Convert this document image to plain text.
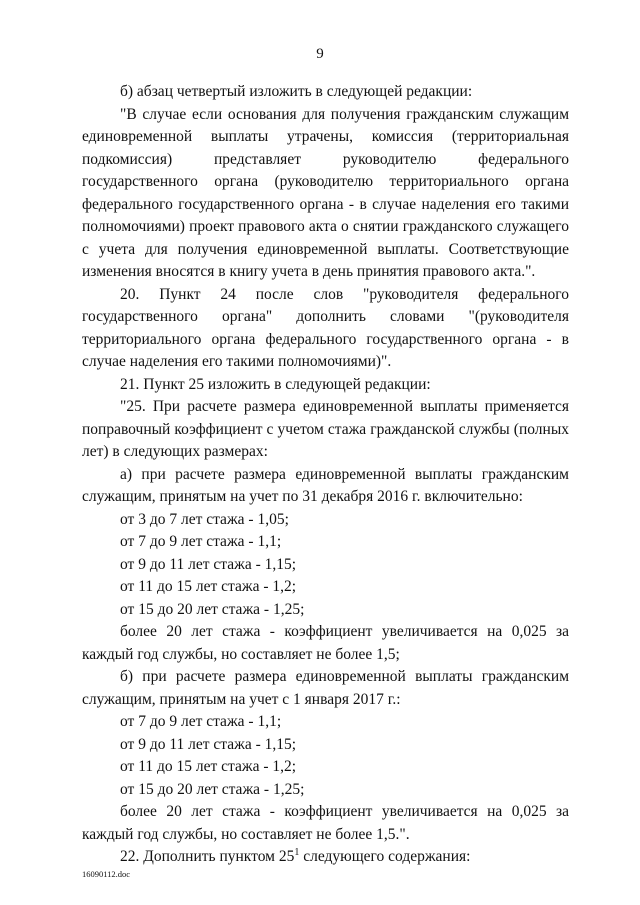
9

б) абзац четвертый изложить в следующей редакции:

"В случае если основания для получения гражданским служащим единовременной выплаты утрачены, комиссия (территориальная подкомиссия) представляет руководителю федерального государственного органа (руководителю территориального органа федерального государственного органа - в случае наделения его такими полномочиями) проект правового акта о снятии гражданского служащего с учета для получения единовременной выплаты. Соответствующие изменения вносятся в книгу учета в день принятия правового акта.".

20. Пункт 24 после слов "руководителя федерального государственного органа" дополнить словами "(руководителя территориального органа федерального государственного органа - в случае наделения его такими полномочиями)".

21. Пункт 25 изложить в следующей редакции:

"25. При расчете размера единовременной выплаты применяется поправочный коэффициент с учетом стажа гражданской службы (полных лет) в следующих размерах:

а) при расчете размера единовременной выплаты гражданским служащим, принятым на учет по 31 декабря 2016 г. включительно:

от 3 до 7 лет стажа - 1,05;

от 7 до 9 лет стажа - 1,1;

от 9 до 11 лет стажа - 1,15;

от 11 до 15 лет стажа - 1,2;

от 15 до 20 лет стажа - 1,25;

более 20 лет стажа - коэффициент увеличивается на 0,025 за каждый год службы, но составляет не более 1,5;

б) при расчете размера единовременной выплаты гражданским служащим, принятым на учет с 1 января 2017 г.:

от 7 до 9 лет стажа - 1,1;

от 9 до 11 лет стажа - 1,15;

от 11 до 15 лет стажа - 1,2;

от 15 до 20 лет стажа - 1,25;

более 20 лет стажа - коэффициент увеличивается на 0,025 за каждый год службы, но составляет не более 1,5.".

22. Дополнить пунктом $25^1$ следующего содержания:

16090112.doc
